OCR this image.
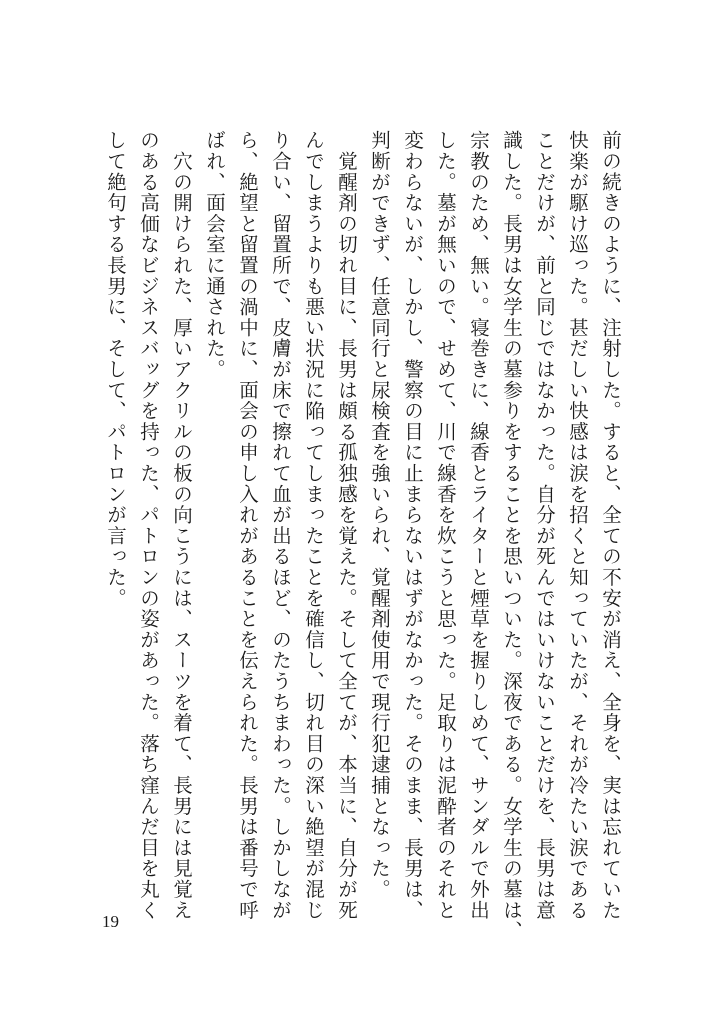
前の続きのように、注射した。すると、全ての不安が消え、全身を、実は忘れていた

快楽が駆け巡った。甚だしい快感は涙を招くと知っていたが、それが冷たい涙である

ことだけが、前と同じではなかった。自分が死んではいけないことだけを、長男は意

識した。長男は女学生の墓参りをすることを思いついた。深夜である。女学生の墓は、

宗教のため、無い。寝巻きに、線香とライターと煙草を握りしめて、サンダルで外出

した。墓が無いので、せめて、川で線香を炊こうと思った。足取りは泥酔者のそれと

変わらないが、しかし、警察の目に止まらないはずがなかった。そのまま、長男は、

判断ができず、任意同行と尿検査を強いられ、覚醒剤使用で現行犯逮捕となった。

　覚醒剤の切れ目に、長男は頗る孤独感を覚えた。そして全てが、本当に、自分が死

んでしまうよりも悪い状況に陥ってしまったことを確信し、切れ目の深い絶望が混じ

り合い、留置所で、皮膚が床で擦れて血が出るほど、のたうちまわった。しかしなが

ら、絶望と留置の渦中に、面会の申し入れがあることを伝えられた。長男は番号で呼

ばれ、面会室に通された。

　穴の開けられた、厚いアクリルの板の向こうには、スーツを着て、長男には見覚え

のある高価なビジネスバッグを持った、パトロンの姿があった。落ち窪んだ目を丸く

して絶句する長男に、そして、パトロンが言った。

19
